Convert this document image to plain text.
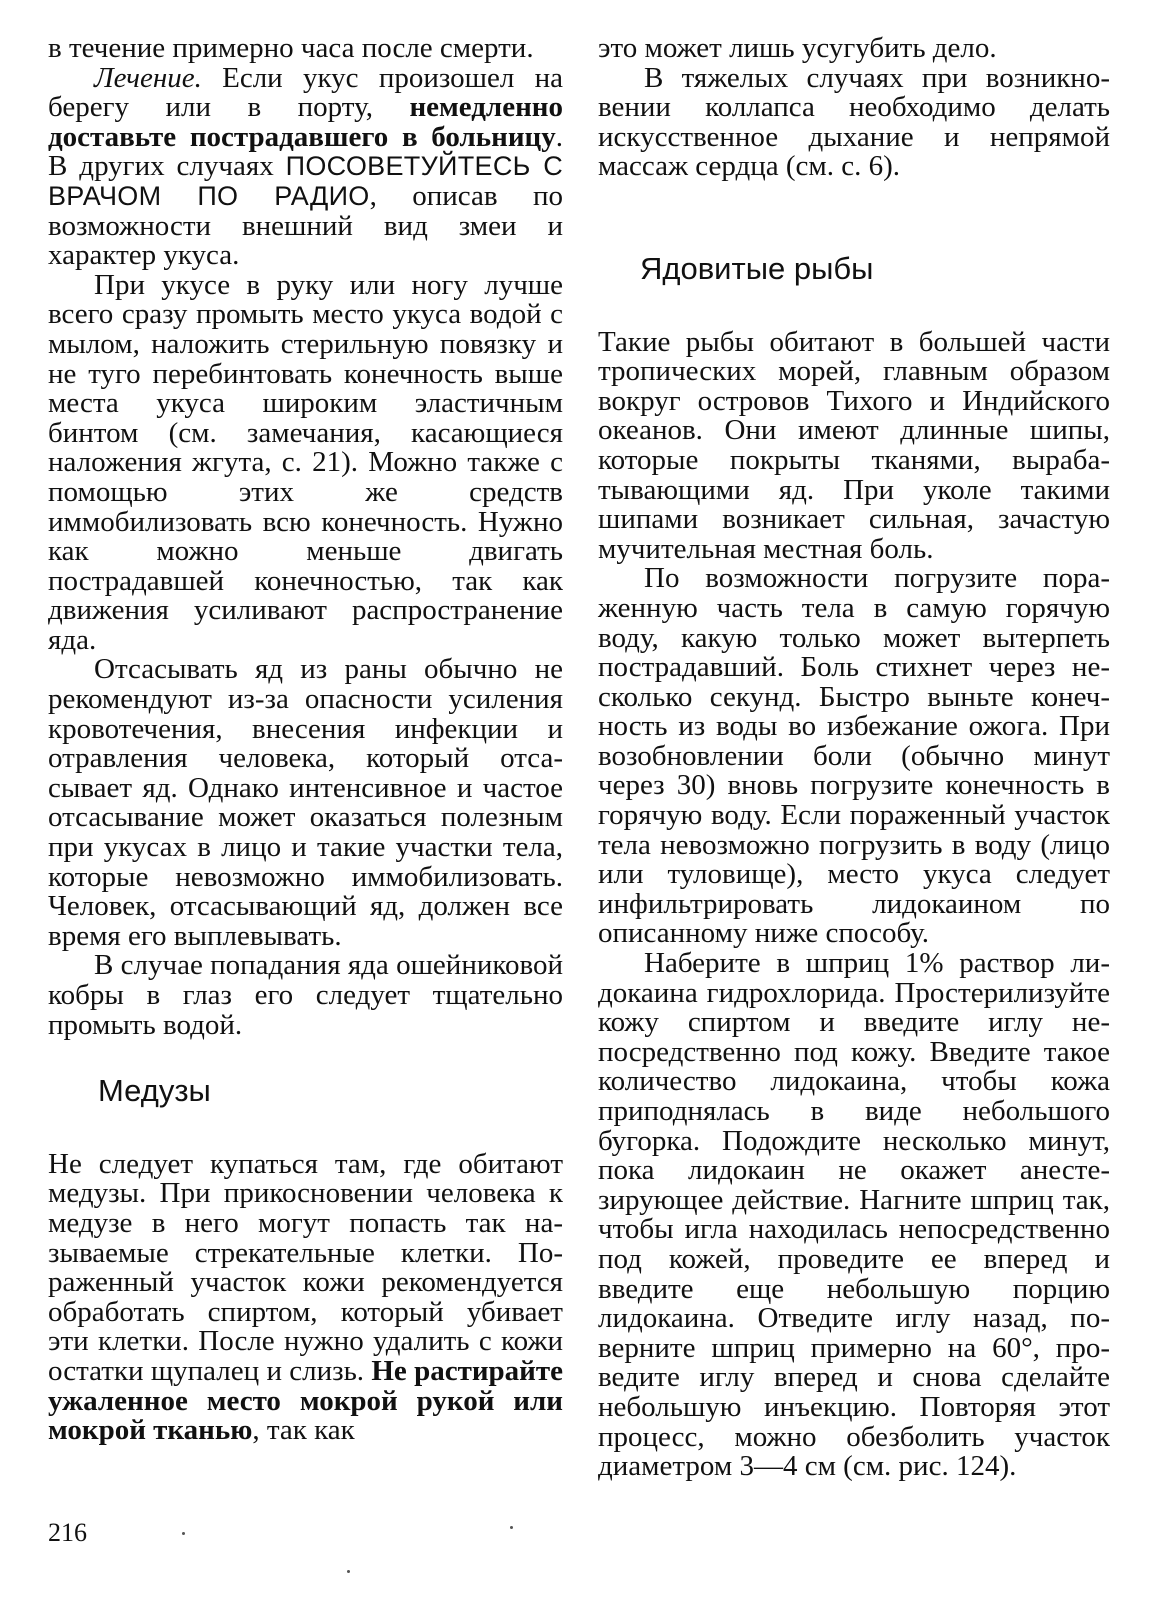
в течение примерно часа после смерти.

Лечение. Если укус произошел на берегу или в порту, немедленно доставьте пострадавшего в больницу. В других случаях ПОСОВЕТУЙТЕСЬ С ВРАЧОМ ПО РАДИО, описав по возможности внешний вид змеи и характер укуса.

При укусе в руку или ногу лучше всего сразу промыть место укуса водой с мылом, наложить стерильную повязку и не туго перебинтовать конечность выше места укуса широким эластичным бинтом (см. замечания, касающиеся наложения жгута, с. 21). Можно также с помощью этих же средств иммобилизовать всю конечность. Нужно как можно меньше двигать пострадавшей конечностью, так как движения усиливают распространение яда.

Отсасывать яд из раны обычно не рекомендуют из-за опасности усиления кровотечения, внесения инфекции и отравления человека, который отсасывает яд. Однако интенсивное и частое отсасывание может оказаться полезным при укусах в лицо и такие участки тела, которые невозможно иммобилизовать. Человек, отсасывающий яд, должен все время его выплевывать.

В случае попадания яда ошейниковой кобры в глаз его следует тщательно промыть водой.

Медузы

Не следует купаться там, где обитают медузы. При прикосновении человека к медузе в него могут попасть так называемые стрекательные клетки. Пораженный участок кожи рекомендуется обработать спиртом, который убивает эти клетки. После нужно удалить с кожи остатки щупалец и слизь. Не растирайте ужаленное место мокрой рукой или мокрой тканью, так как

это может лишь усугубить дело.

В тяжелых случаях при возникновении коллапса необходимо делать искусственное дыхание и непрямой массаж сердца (см. с. 6).

Ядовитые рыбы

Такие рыбы обитают в большей части тропических морей, главным образом вокруг островов Тихого и Индийского океанов. Они имеют длинные шипы, которые покрыты тканями, вырабатывающими яд. При уколе такими шипами возникает сильная, зачастую мучительная местная боль.

По возможности погрузите пораженную часть тела в самую горячую воду, какую только может вытерпеть пострадавший. Боль стихнет через несколько секунд. Быстро выньте конечность из воды во избежание ожога. При возобновлении боли (обычно минут через 30) вновь погрузите конечность в горячую воду. Если пораженный участок тела невозможно погрузить в воду (лицо или туловище), место укуса следует инфильтрировать лидокаином по описанному ниже способу.

Наберите в шприц 1% раствор лидокаина гидрохлорида. Простерилизуйте кожу спиртом и введите иглу непосредственно под кожу. Введите такое количество лидокаина, чтобы кожа приподнялась в виде небольшого бугорка. Подождите несколько минут, пока лидокаин не окажет анестезирующее действие. Нагните шприц так, чтобы игла находилась непосредственно под кожей, проведите ее вперед и введите еще небольшую порцию лидокаина. Отведите иглу назад, поверните шприц примерно на 60°, проведите иглу вперед и снова сделайте небольшую инъекцию. Повторяя этот процесс, можно обезболить участок диаметром 3—4 см (см. рис. 124).

216
